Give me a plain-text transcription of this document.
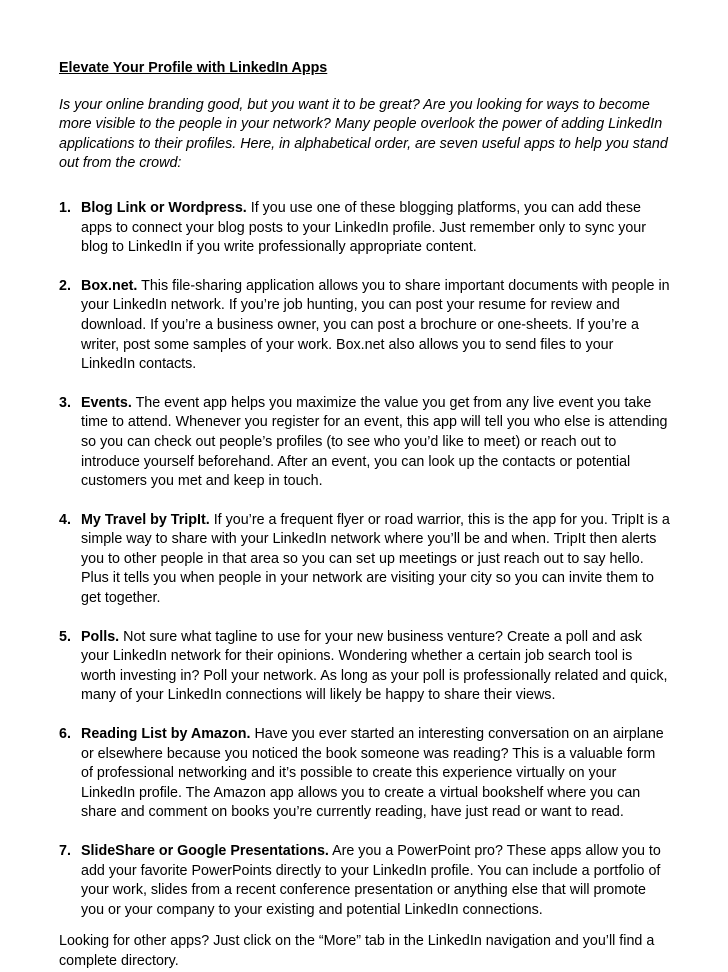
Elevate Your Profile with LinkedIn Apps

Is your online branding good, but you want it to be great? Are you looking for ways to become more visible to the people in your network? Many people overlook the power of adding LinkedIn applications to their profiles. Here, in alphabetical order, are seven useful apps to help you stand out from the crowd:

1. Blog Link or Wordpress. If you use one of these blogging platforms, you can add these apps to connect your blog posts to your LinkedIn profile. Just remember only to sync your blog to LinkedIn if you write professionally appropriate content.
2. Box.net. This file-sharing application allows you to share important documents with people in your LinkedIn network. If you’re job hunting, you can post your resume for review and download. If you’re a business owner, you can post a brochure or one-sheets. If you’re a writer, post some samples of your work. Box.net also allows you to send files to your LinkedIn contacts.
3. Events. The event app helps you maximize the value you get from any live event you take time to attend. Whenever you register for an event, this app will tell you who else is attending so you can check out people’s profiles (to see who you’d like to meet) or reach out to introduce yourself beforehand. After an event, you can look up the contacts or potential customers you met and keep in touch.
4. My Travel by TripIt. If you’re a frequent flyer or road warrior, this is the app for you. TripIt is a simple way to share with your LinkedIn network where you’ll be and when. TripIt then alerts you to other people in that area so you can set up meetings or just reach out to say hello. Plus it tells you when people in your network are visiting your city so you can invite them to get together.
5. Polls. Not sure what tagline to use for your new business venture? Create a poll and ask your LinkedIn network for their opinions. Wondering whether a certain job search tool is worth investing in? Poll your network. As long as your poll is professionally related and quick, many of your LinkedIn connections will likely be happy to share their views.
6. Reading List by Amazon. Have you ever started an interesting conversation on an airplane or elsewhere because you noticed the book someone was reading? This is a valuable form of professional networking and it’s possible to create this experience virtually on your LinkedIn profile. The Amazon app allows you to create a virtual bookshelf where you can share and comment on books you’re currently reading, have just read or want to read.
7. SlideShare or Google Presentations. Are you a PowerPoint pro? These apps allow you to add your favorite PowerPoints directly to your LinkedIn profile. You can include a portfolio of your work, slides from a recent conference presentation or anything else that will promote you or your company to your existing and potential LinkedIn connections.

Looking for other apps? Just click on the “More” tab in the LinkedIn navigation and you’ll find a complete directory.
